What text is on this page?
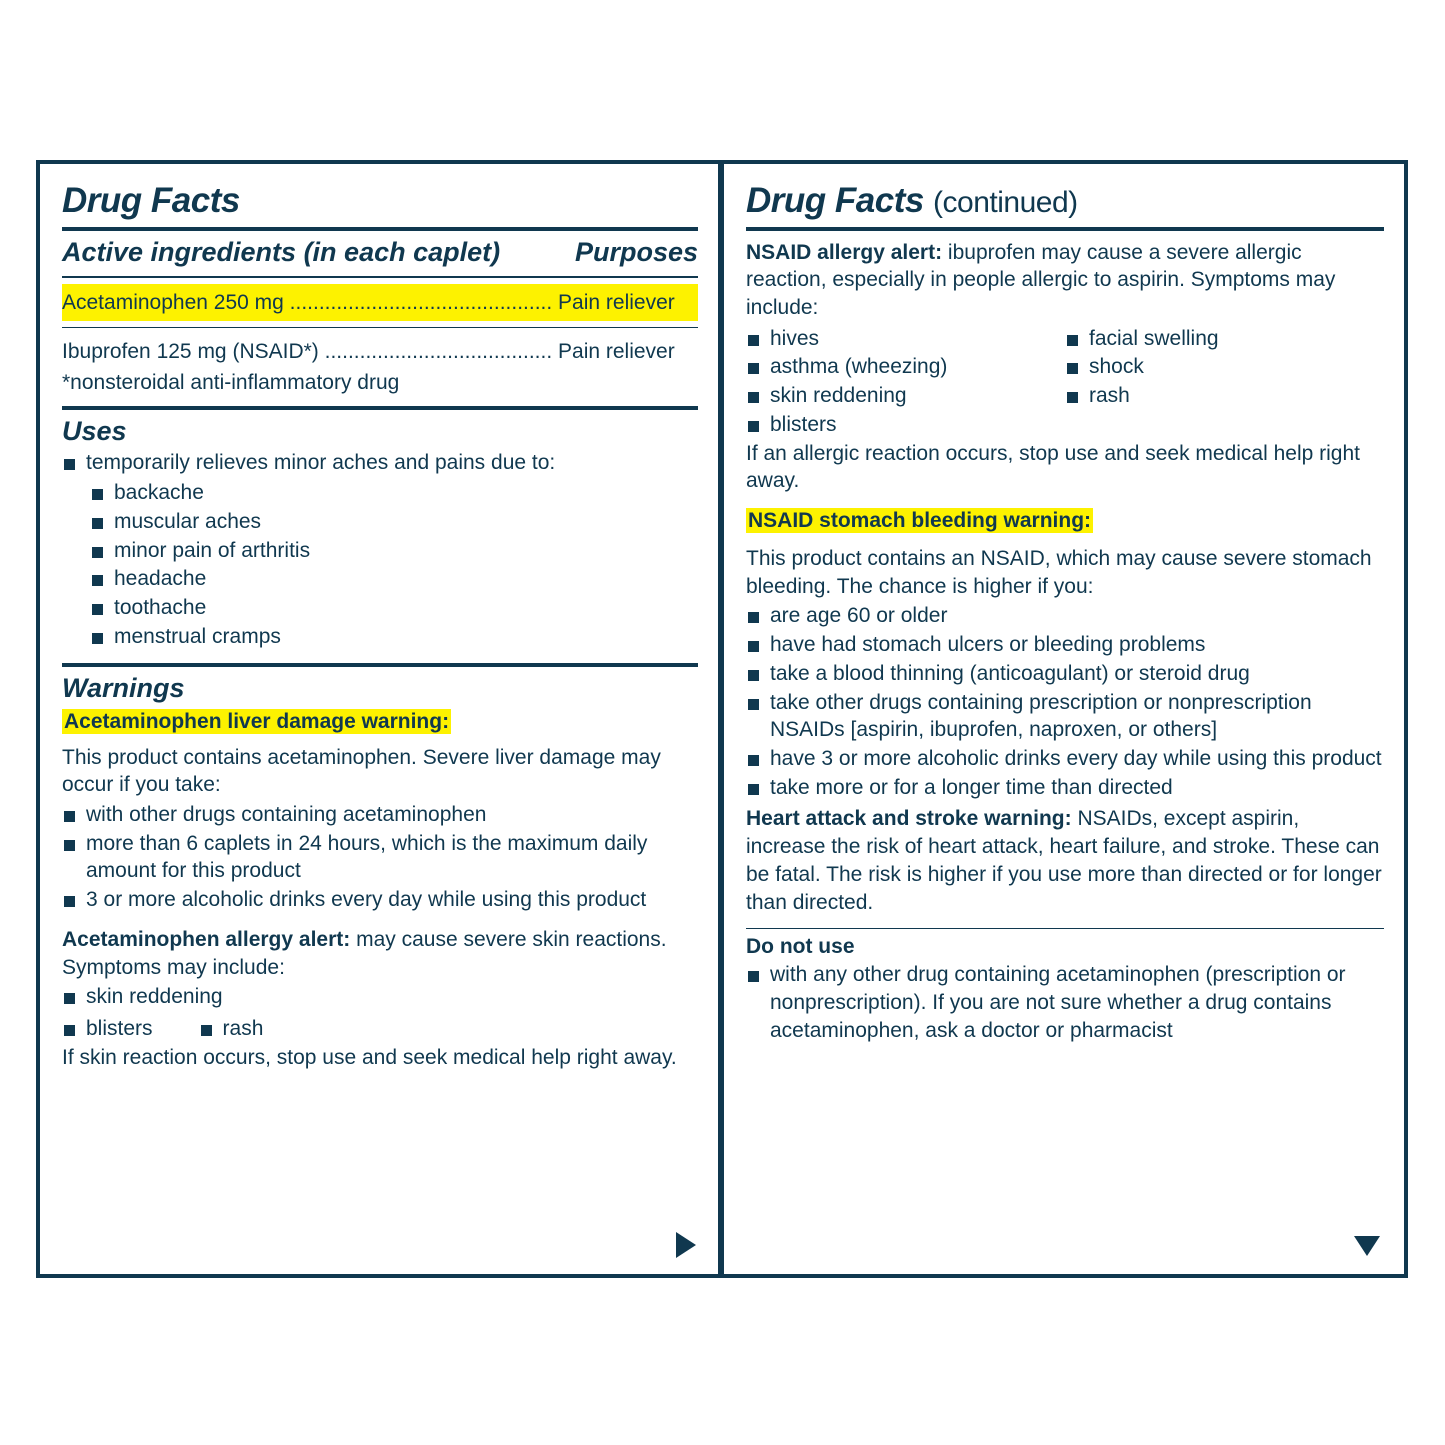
Drug Facts
Active ingredients (in each caplet)	Purposes
Acetaminophen 250 mg ............................................. Pain reliever
Ibuprofen 125 mg (NSAID*) ....................................... Pain reliever
*nonsteroidal anti-inflammatory drug
Uses
temporarily relieves minor aches and pains due to:
backache
muscular aches
minor pain of arthritis
headache
toothache
menstrual cramps
Warnings
Acetaminophen liver damage warning:

This product contains acetaminophen. Severe liver damage may occur if you take:

with other drugs containing acetaminophen
more than 6 caplets in 24 hours, which is the maximum daily amount for this product
3 or more alcoholic drinks every day while using this product

Acetaminophen allergy alert: may cause severe skin reactions. Symptoms may include:

skin reddening
blisters	rash

If skin reaction occurs, stop use and seek medical help right away.

Drug Facts (continued)

NSAID allergy alert: ibuprofen may cause a severe allergic reaction, especially in people allergic to aspirin. Symptoms may include:

hives
asthma (wheezing)
skin reddening
blisters
facial swelling
shock
rash

If an allergic reaction occurs, stop use and seek medical help right away.

NSAID stomach bleeding warning:

This product contains an NSAID, which may cause severe stomach bleeding. The chance is higher if you:

are age 60 or older
have had stomach ulcers or bleeding problems
take a blood thinning (anticoagulant) or steroid drug
take other drugs containing prescription or nonprescription NSAIDs [aspirin, ibuprofen, naproxen, or others]
have 3 or more alcoholic drinks every day while using this product
take more or for a longer time than directed

Heart attack and stroke warning: NSAIDs, except aspirin, increase the risk of heart attack, heart failure, and stroke. These can be fatal. The risk is higher if you use more than directed or for longer than directed.

Do not use
with any other drug containing acetaminophen (prescription or nonprescription). If you are not sure whether a drug contains acetaminophen, ask a doctor or pharmacist
